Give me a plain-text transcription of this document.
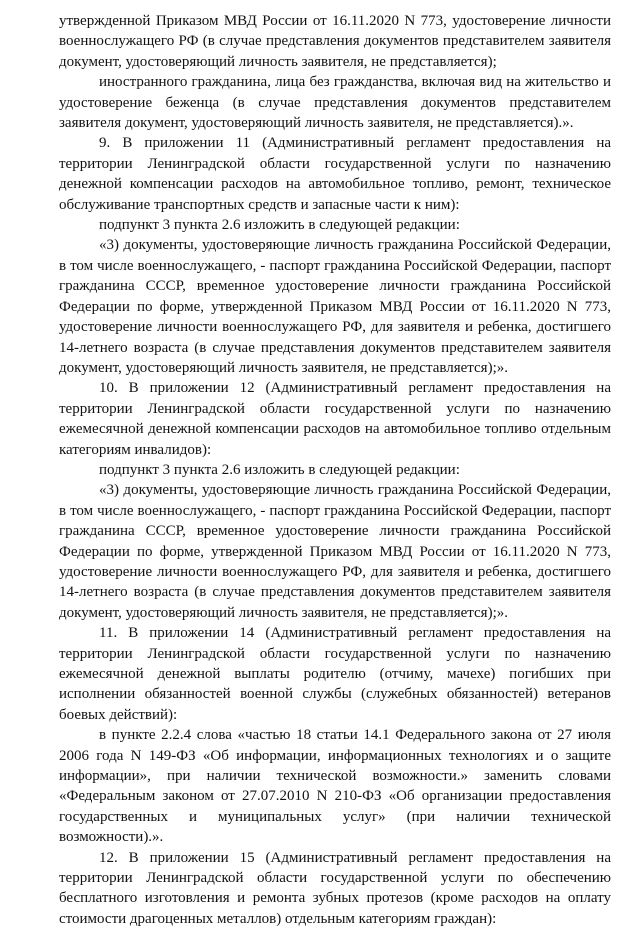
утвержденной Приказом МВД России от 16.11.2020 N 773, удостоверение личности военнослужащего РФ (в случае представления документов представителем заявителя документ, удостоверяющий личность заявителя, не представляется);

иностранного гражданина, лица без гражданства, включая вид на жительство и удостоверение беженца (в случае представления документов представителем заявителя документ, удостоверяющий личность заявителя, не представляется).».

9. В приложении 11 (Административный регламент предоставления на территории Ленинградской области государственной услуги по назначению денежной компенсации расходов на автомобильное топливо, ремонт, техническое обслуживание транспортных средств и запасные части к ним):

подпункт 3 пункта 2.6 изложить в следующей редакции:

«3) документы, удостоверяющие личность гражданина Российской Федерации, в том числе военнослужащего, - паспорт гражданина Российской Федерации, паспорт гражданина СССР, временное удостоверение личности гражданина Российской Федерации по форме, утвержденной Приказом МВД России от 16.11.2020 N 773, удостоверение личности военнослужащего РФ, для заявителя и ребенка, достигшего 14-летнего возраста (в случае представления документов представителем заявителя документ, удостоверяющий личность заявителя, не представляется);».

10. В приложении 12 (Административный регламент предоставления на территории Ленинградской области государственной услуги по назначению ежемесячной денежной компенсации расходов на автомобильное топливо отдельным категориям инвалидов):

подпункт 3 пункта 2.6 изложить в следующей редакции:

«3) документы, удостоверяющие личность гражданина Российской Федерации, в том числе военнослужащего, - паспорт гражданина Российской Федерации, паспорт гражданина СССР, временное удостоверение личности гражданина Российской Федерации по форме, утвержденной Приказом МВД России от 16.11.2020 N 773, удостоверение личности военнослужащего РФ, для заявителя и ребенка, достигшего 14-летнего возраста (в случае представления документов представителем заявителя документ, удостоверяющий личность заявителя, не представляется);».

11. В приложении 14 (Административный регламент предоставления на территории Ленинградской области государственной услуги по назначению ежемесячной денежной выплаты родителю (отчиму, мачехе) погибших при исполнении обязанностей военной службы (служебных обязанностей) ветеранов боевых действий):

в пункте 2.2.4 слова «частью 18 статьи 14.1 Федерального закона от 27 июля 2006 года N 149-ФЗ «Об информации, информационных технологиях и о защите информации», при наличии технической возможности.» заменить словами «Федеральным законом от 27.07.2010 N 210-ФЗ «Об организации предоставления государственных и муниципальных услуг» (при наличии технической возможности).».

12. В приложении 15 (Административный регламент предоставления на территории Ленинградской области государственной услуги по обеспечению бесплатного изготовления и ремонта зубных протезов (кроме расходов на оплату стоимости драгоценных металлов) отдельным категориям граждан):
